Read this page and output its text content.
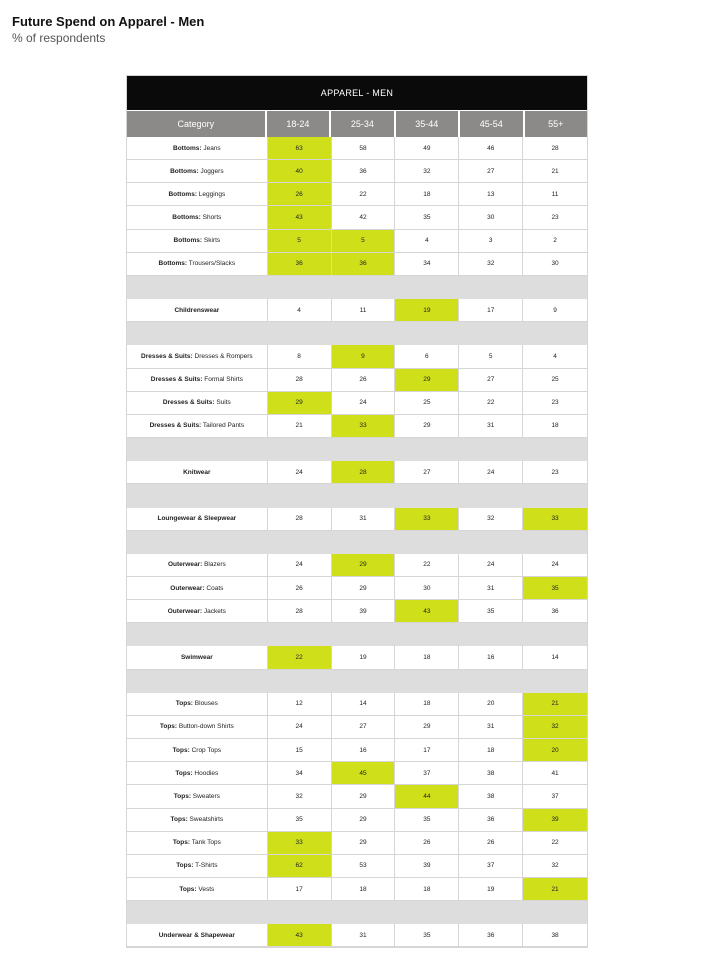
Future Spend on Apparel - Men
% of respondents
APPAREL - MEN
Category	18-24	25-34	35-44	45-54	55+
Bottoms: Jeans	63	58	49	46	28
Bottoms: Joggers	40	36	32	27	21
Bottoms: Leggings	26	22	18	13	11
Bottoms: Shorts	43	42	35	30	23
Bottoms: Skirts	5	5	4	3	2
Bottoms: Trousers/Slacks	36	36	34	32	30
Childrenswear	4	11	19	17	9
Dresses & Suits: Dresses & Rompers	8	9	6	5	4
Dresses & Suits: Formal Shirts	28	26	29	27	25
Dresses & Suits: Suits	29	24	25	22	23
Dresses & Suits: Tailored Pants	21	33	29	31	18
Knitwear	24	28	27	24	23
Loungewear & Sleepwear	28	31	33	32	33
Outerwear: Blazers	24	29	22	24	24
Outerwear: Coats	26	29	30	31	35
Outerwear: Jackets	28	39	43	35	36
Swimwear	22	19	18	16	14
Tops: Blouses	12	14	18	20	21
Tops: Button-down Shirts	24	27	29	31	32
Tops: Crop Tops	15	16	17	18	20
Tops: Hoodies	34	45	37	38	41
Tops: Sweaters	32	29	44	38	37
Tops: Sweatshirts	35	29	35	36	39
Tops: Tank Tops	33	29	26	26	22
Tops: T-Shirts	62	53	39	37	32
Tops: Vests	17	18	18	19	21
Underwear & Shapewear	43	31	35	36	38
